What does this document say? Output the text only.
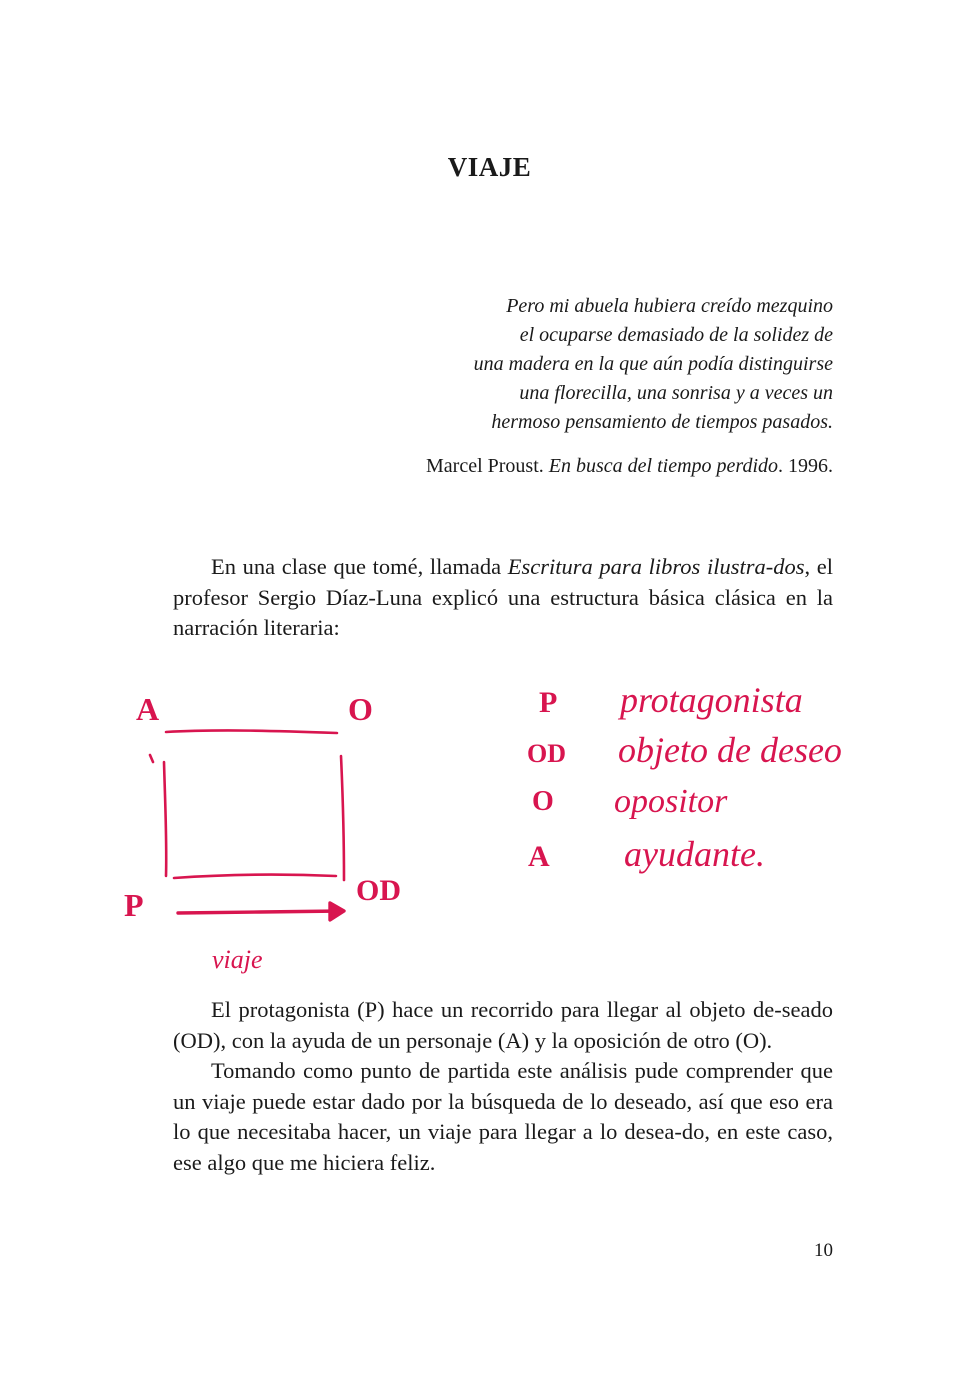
VIAJE
Pero mi abuela hubiera creído mezquino
el ocuparse demasiado de la solidez de
una madera en la que aún podía distinguirse
una florecilla, una sonrisa y a veces un
hermoso pensamiento de tiempos pasados.
Marcel Proust. En busca del tiempo perdido. 1996.

En una clase que tomé, llamada Escritura para libros ilustra-dos, el profesor Sergio Díaz-Luna explicó una estructura básica clásica en la narración literaria:

A	O
P	OD
viaje
P
OD
O
A
protagonista
objeto de deseo
opositor
ayudante.

El protagonista (P) hace un recorrido para llegar al objeto de-seado (OD), con la ayuda de un personaje (A) y la oposición de otro (O).

Tomando como punto de partida este análisis pude comprender que un viaje puede estar dado por la búsqueda de lo deseado, así que eso era lo que necesitaba hacer, un viaje para llegar a lo desea-do, en este caso, ese algo que me hiciera feliz.

10
